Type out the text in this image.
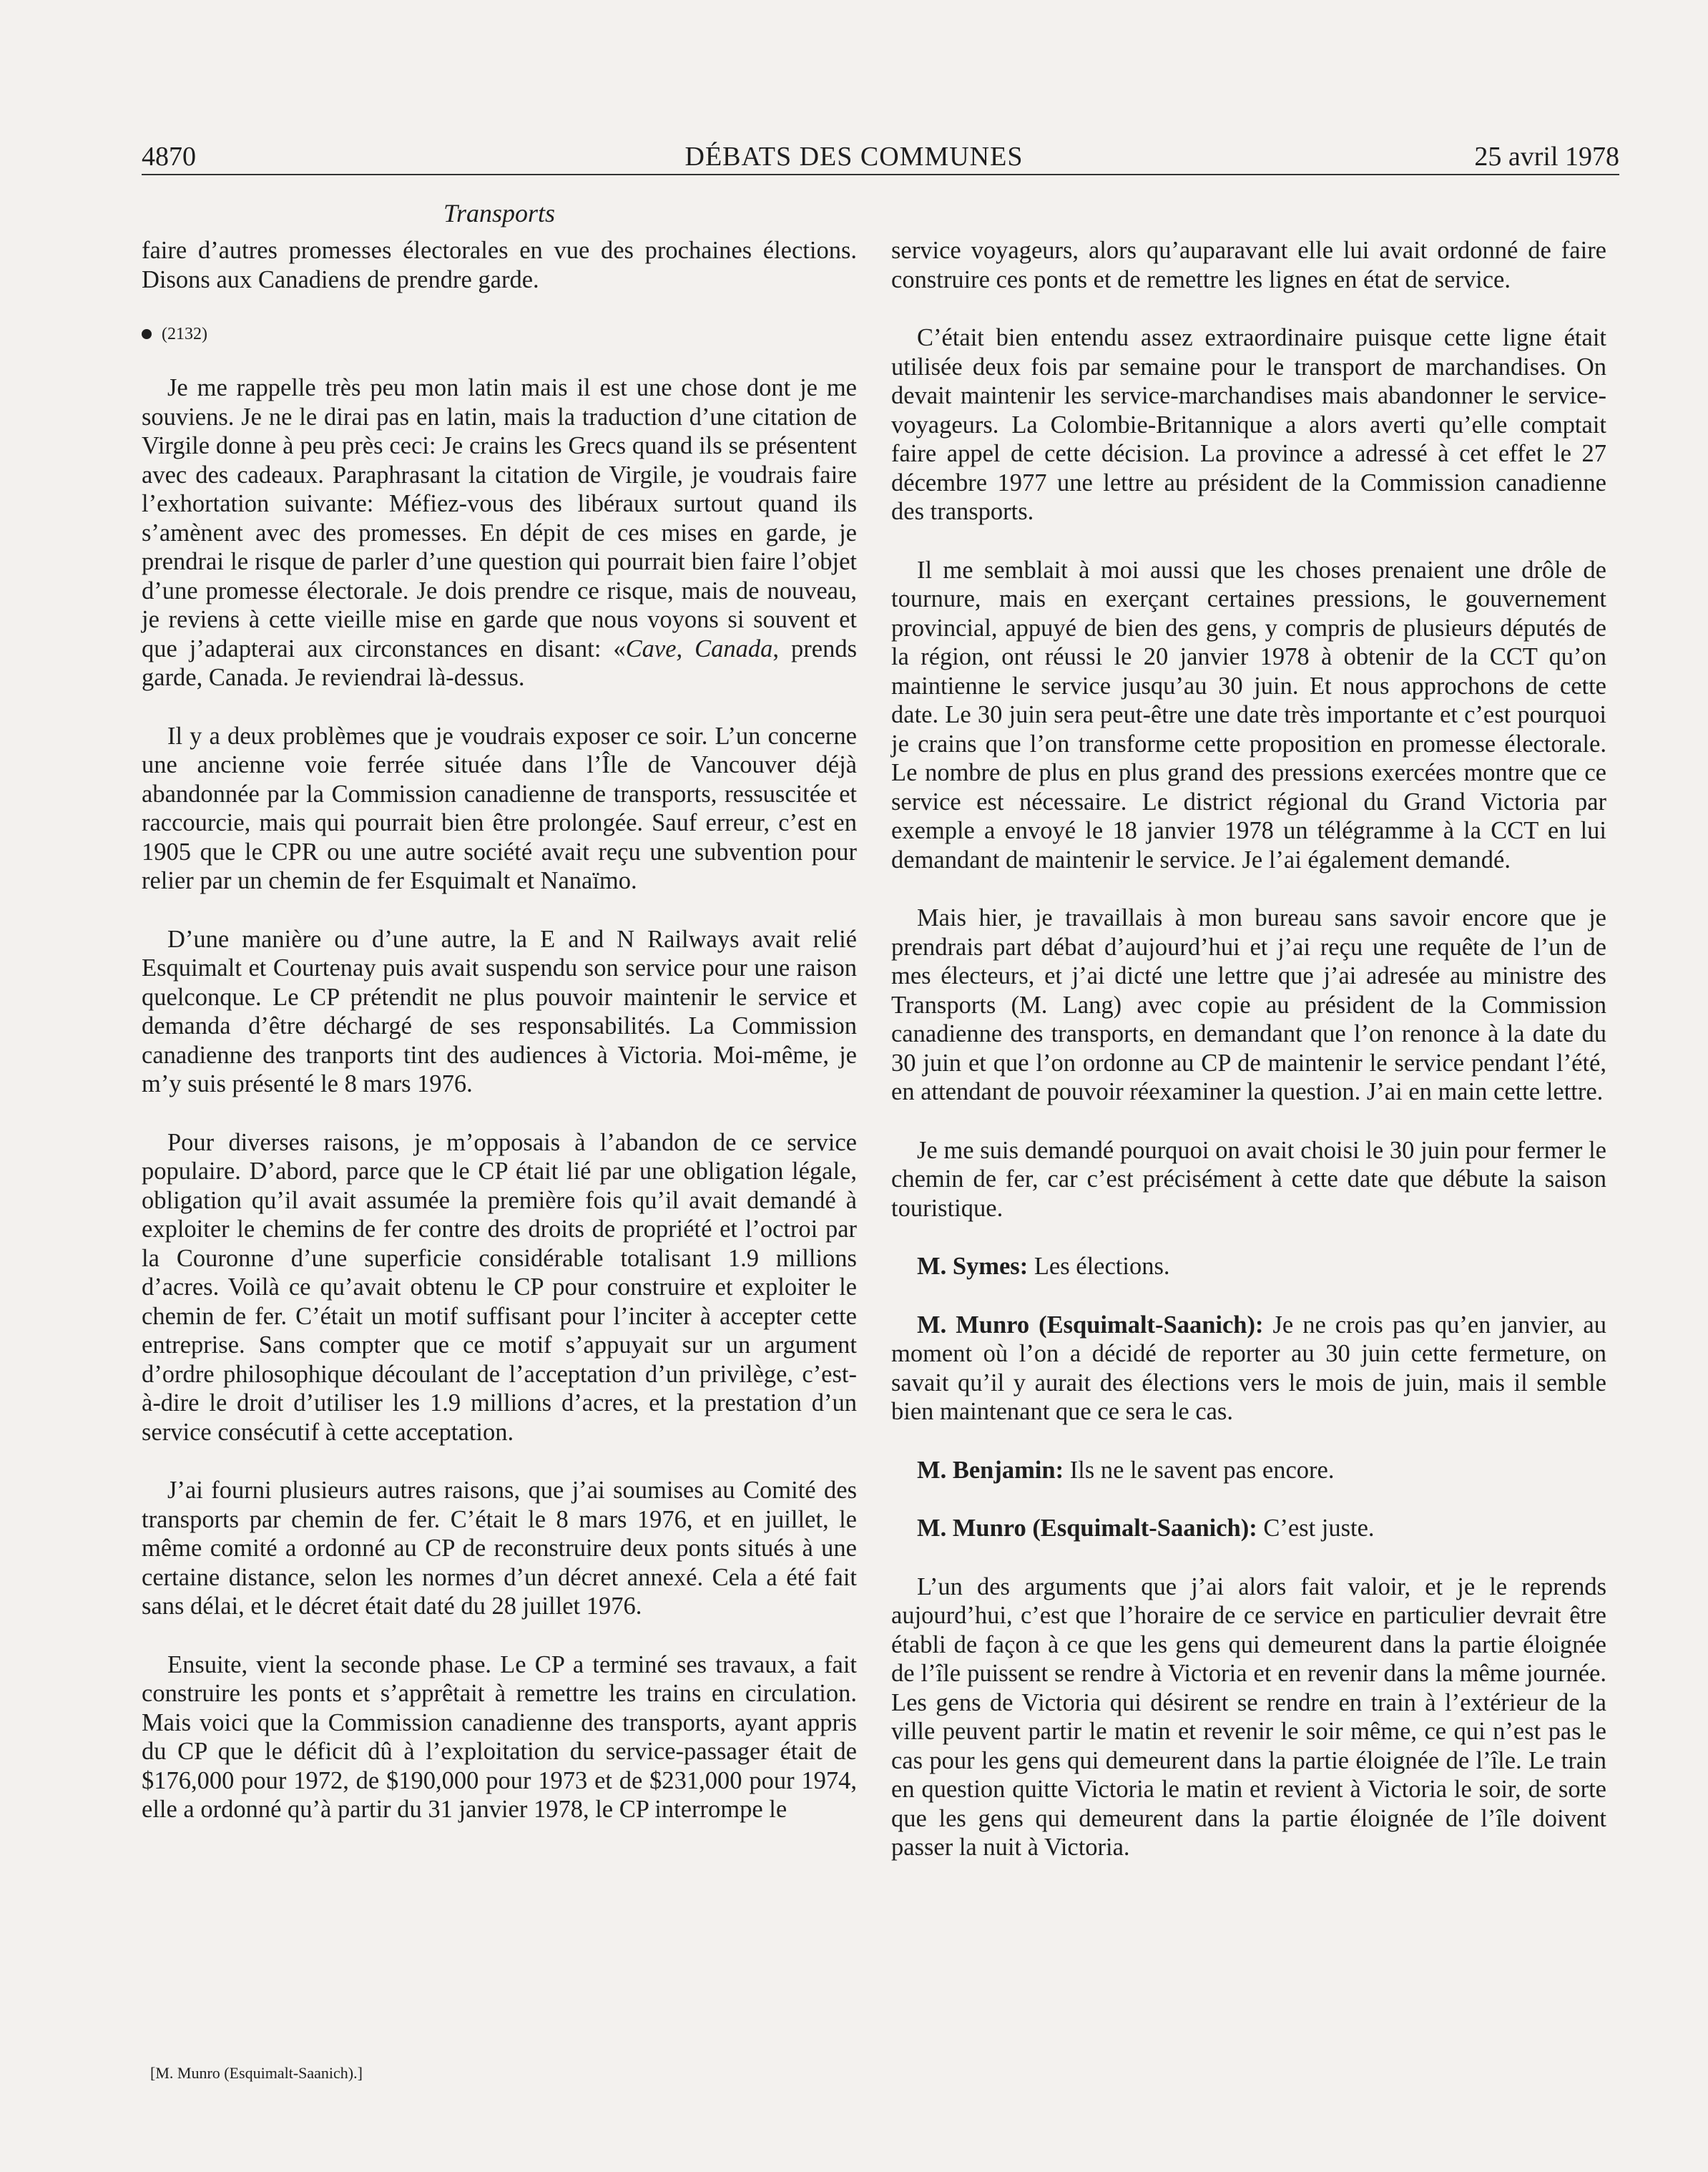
DÉBATS DES COMMUNES
4870	25 avril 1978
Transports

faire d’autres promesses électorales en vue des prochaines élections. Disons aux Canadiens de prendre garde.

(2132)

Je me rappelle très peu mon latin mais il est une chose dont je me souviens. Je ne le dirai pas en latin, mais la traduction d’une citation de Virgile donne à peu près ceci: Je crains les Grecs quand ils se présentent avec des cadeaux. Paraphrasant la citation de Virgile, je voudrais faire l’exhortation suivante: Méfiez-vous des libéraux surtout quand ils s’amènent avec des promesses. En dépit de ces mises en garde, je prendrai le risque de parler d’une question qui pourrait bien faire l’objet d’une promesse électorale. Je dois prendre ce risque, mais de nouveau, je reviens à cette vieille mise en garde que nous voyons si souvent et que j’adapterai aux circonstances en disant: «Cave, Canada, prends garde, Canada. Je reviendrai là-dessus.

Il y a deux problèmes que je voudrais exposer ce soir. L’un concerne une ancienne voie ferrée située dans l’Île de Vancouver déjà abandonnée par la Commission canadienne de transports, ressuscitée et raccourcie, mais qui pourrait bien être prolongée. Sauf erreur, c’est en 1905 que le CPR ou une autre société avait reçu une subvention pour relier par un chemin de fer Esquimalt et Nanaïmo.

D’une manière ou d’une autre, la E and N Railways avait relié Esquimalt et Courtenay puis avait suspendu son service pour une raison quelconque. Le CP prétendit ne plus pouvoir maintenir le service et demanda d’être déchargé de ses responsabilités. La Commission canadienne des tranports tint des audiences à Victoria. Moi-même, je m’y suis présenté le 8 mars 1976.

Pour diverses raisons, je m’opposais à l’abandon de ce service populaire. D’abord, parce que le CP était lié par une obligation légale, obligation qu’il avait assumée la première fois qu’il avait demandé à exploiter le chemins de fer contre des droits de propriété et l’octroi par la Couronne d’une superficie considérable totalisant 1.9 millions d’acres. Voilà ce qu’avait obtenu le CP pour construire et exploiter le chemin de fer. C’était un motif suffisant pour l’inciter à accepter cette entreprise. Sans compter que ce motif s’appuyait sur un argument d’ordre philosophique découlant de l’acceptation d’un privilège, c’est-à-dire le droit d’utiliser les 1.9 millions d’acres, et la prestation d’un service consécutif à cette acceptation.

J’ai fourni plusieurs autres raisons, que j’ai soumises au Comité des transports par chemin de fer. C’était le 8 mars 1976, et en juillet, le même comité a ordonné au CP de reconstruire deux ponts situés à une certaine distance, selon les normes d’un décret annexé. Cela a été fait sans délai, et le décret était daté du 28 juillet 1976.

Ensuite, vient la seconde phase. Le CP a terminé ses travaux, a fait construire les ponts et s’apprêtait à remettre les trains en circulation. Mais voici que la Commission canadienne des transports, ayant appris du CP que le déficit dû à l’exploitation du service-passager était de $176,000 pour 1972, de $190,000 pour 1973 et de $231,000 pour 1974, elle a ordonné qu’à partir du 31 janvier 1978, le CP interrompe le

service voyageurs, alors qu’auparavant elle lui avait ordonné de faire construire ces ponts et de remettre les lignes en état de service.

C’était bien entendu assez extraordinaire puisque cette ligne était utilisée deux fois par semaine pour le transport de marchandises. On devait maintenir les service-marchandises mais abandonner le service-voyageurs. La Colombie-Britannique a alors averti qu’elle comptait faire appel de cette décision. La province a adressé à cet effet le 27 décembre 1977 une lettre au président de la Commission canadienne des transports.

Il me semblait à moi aussi que les choses prenaient une drôle de tournure, mais en exerçant certaines pressions, le gouvernement provincial, appuyé de bien des gens, y compris de plusieurs députés de la région, ont réussi le 20 janvier 1978 à obtenir de la CCT qu’on maintienne le service jusqu’au 30 juin. Et nous approchons de cette date. Le 30 juin sera peut-être une date très importante et c’est pourquoi je crains que l’on transforme cette proposition en promesse électorale. Le nombre de plus en plus grand des pressions exercées montre que ce service est nécessaire. Le district régional du Grand Victoria par exemple a envoyé le 18 janvier 1978 un télégramme à la CCT en lui demandant de maintenir le service. Je l’ai également demandé.

Mais hier, je travaillais à mon bureau sans savoir encore que je prendrais part débat d’aujourd’hui et j’ai reçu une requête de l’un de mes électeurs, et j’ai dicté une lettre que j’ai adresée au ministre des Transports (M. Lang) avec copie au président de la Commission canadienne des transports, en demandant que l’on renonce à la date du 30 juin et que l’on ordonne au CP de maintenir le service pendant l’été, en attendant de pouvoir réexaminer la question. J’ai en main cette lettre.

Je me suis demandé pourquoi on avait choisi le 30 juin pour fermer le chemin de fer, car c’est précisément à cette date que débute la saison touristique.

M. Symes: Les élections.

M. Munro (Esquimalt-Saanich): Je ne crois pas qu’en janvier, au moment où l’on a décidé de reporter au 30 juin cette fermeture, on savait qu’il y aurait des élections vers le mois de juin, mais il semble bien maintenant que ce sera le cas.

M. Benjamin: Ils ne le savent pas encore.

M. Munro (Esquimalt-Saanich): C’est juste.

L’un des arguments que j’ai alors fait valoir, et je le reprends aujourd’hui, c’est que l’horaire de ce service en particulier devrait être établi de façon à ce que les gens qui demeurent dans la partie éloignée de l’île puissent se rendre à Victoria et en revenir dans la même journée. Les gens de Victoria qui désirent se rendre en train à l’extérieur de la ville peuvent partir le matin et revenir le soir même, ce qui n’est pas le cas pour les gens qui demeurent dans la partie éloignée de l’île. Le train en question quitte Victoria le matin et revient à Victoria le soir, de sorte que les gens qui demeurent dans la partie éloignée de l’île doivent passer la nuit à Victoria.

[M. Munro (Esquimalt-Saanich).]
